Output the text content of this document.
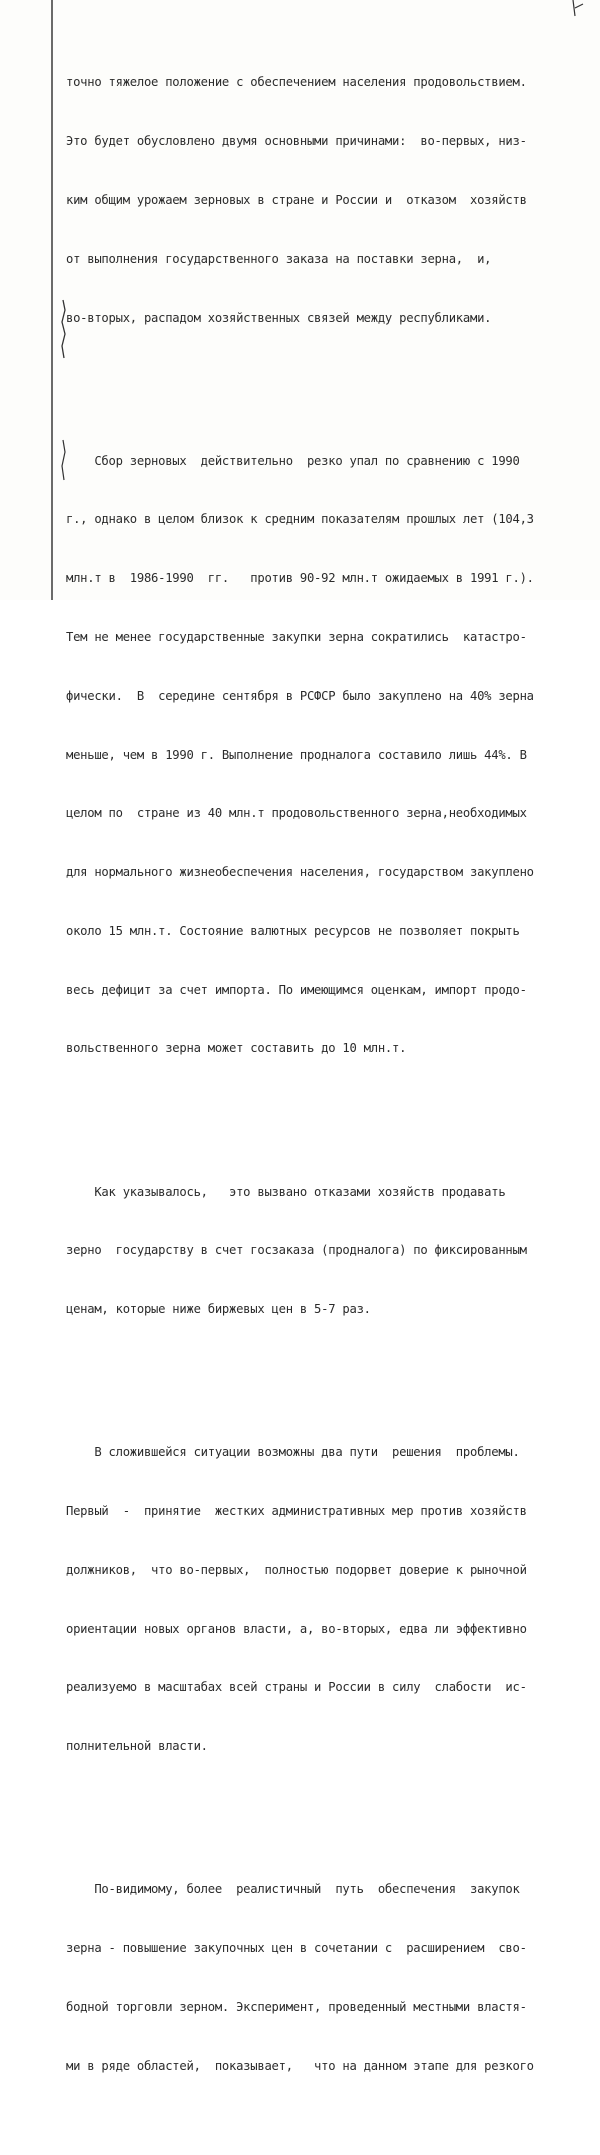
точно тяжелое положение с обеспечением населения продовольствием.

Это будет обусловлено двумя основными причинами:  во-первых, низ-

ким общим урожаем зерновых в стране и России и  отказом  хозяйств

от выполнения государственного заказа на поставки зерна,  и,

во-вторых, распадом хозяйственных связей между республиками.

Сбор зерновых  действительно  резко упал по сравнению с 1990

г., однако в целом близок к средним показателям прошлых лет (104,3

млн.т в  1986-1990  гг.   против 90-92 млн.т ожидаемых в 1991 г.).

Тем не менее государственные закупки зерна сократились  катастро-

фически.  В  середине сентября в РСФСР было закуплено на 40% зерна

меньше, чем в 1990 г. Выполнение продналога составило лишь 44%. В

целом по  стране из 40 млн.т продовольственного зерна,необходимых

для нормального жизнеобеспечения населения, государством закуплено

около 15 млн.т. Состояние валютных ресурсов не позволяет покрыть

весь дефицит за счет импорта. По имеющимся оценкам, импорт продо-

вольственного зерна может составить до 10 млн.т.

Как указывалось,   это вызвано отказами хозяйств продавать

зерно  государству в счет госзаказа (продналога) по фиксированным

ценам, которые ниже биржевых цен в 5-7 раз.

В сложившейся ситуации возможны два пути  решения  проблемы.

Первый  -  принятие  жестких административных мер против хозяйств

должников,  что во-первых,  полностью подорвет доверие к рыночной

ориентации новых органов власти, а, во-вторых, едва ли эффективно

реализуемо в масштабах всей страны и России в силу  слабости  ис-

полнительной власти.

По-видимому, более  реалистичный  путь  обеспечения  закупок

зерна - повышение закупочных цен в сочетании с  расширением  сво-

бодной торговли зерном. Эксперимент, проведенный местными властя-

ми в ряде областей,  показывает,   что на данном этапе для резкого
